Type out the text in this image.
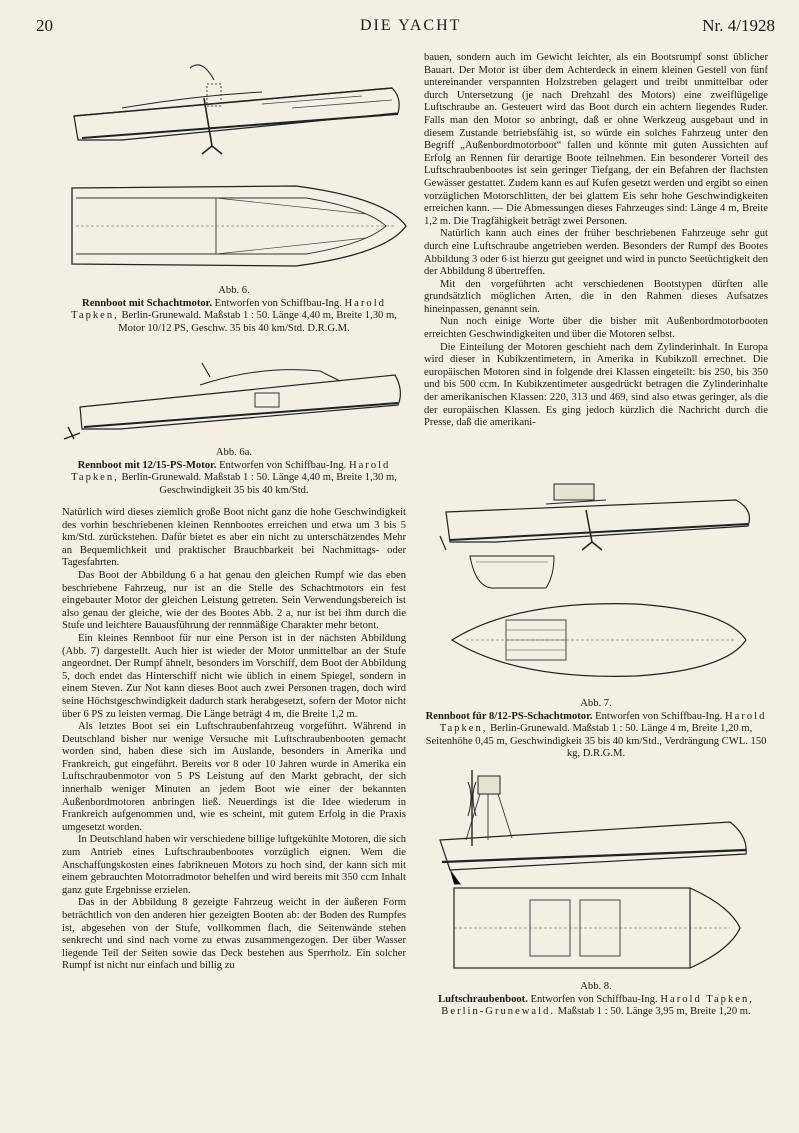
20	DIE YACHT	Nr. 4/1928
Abb. 6.
Rennboot mit Schachtmotor. Entworfen von Schiffbau-Ing. Harold Tapken, Berlin-Grunewald. Maßstab 1 : 50. Länge 4,40 m, Breite 1,30 m, Motor 10/12 PS, Geschw. 35 bis 40 km/Std. D.R.G.M.
Abb. 6a.
Rennboot mit 12/15-PS-Motor. Entworfen von Schiffbau-Ing. Harold Tapken, Berlin-Grunewald. Maßstab 1 : 50. Länge 4,40 m, Breite 1,30 m, Geschwindigkeit 35 bis 40 km/Std.

Natürlich wird dieses ziemlich große Boot nicht ganz die hohe Geschwindigkeit des vorhin beschriebenen kleinen Rennbootes erreichen und etwa um 3 bis 5 km/Std. zurückstehen. Dafür bietet es aber ein nicht zu unterschätzendes Mehr an Bequemlichkeit und praktischer Brauchbarkeit bei Nachmittags- oder Tagesfahrten.

Das Boot der Abbildung 6 a hat genau den gleichen Rumpf wie das eben beschriebene Fahrzeug, nur ist an die Stelle des Schachtmotors ein fest eingebauter Motor der gleichen Leistung getreten. Sein Verwendungsbereich ist also genau der gleiche, wie der des Bootes Abb. 2 a, nur ist bei ihm durch die Stufe und leichtere Bauausführung der rennmäßige Charakter mehr betont.

Ein kleines Rennboot für nur eine Person ist in der nächsten Abbildung (Abb. 7) dargestellt. Auch hier ist wieder der Motor unmittelbar an der Stufe angeordnet. Der Rumpf ähnelt, besonders im Vorschiff, dem Boot der Abbildung 5, doch endet das Hinterschiff nicht wie üblich in einem Spiegel, sondern in einem Steven. Zur Not kann dieses Boot auch zwei Personen tragen, doch wird seine Höchstgeschwindigkeit dadurch stark herabgesetzt, sofern der Motor nicht über 6 PS zu leisten vermag. Die Länge beträgt 4 m, die Breite 1,2 m.

Als letztes Boot sei ein Luftschraubenfahrzeug vorgeführt. Während in Deutschland bisher nur wenige Versuche mit Luftschraubenbooten gemacht worden sind, haben diese sich im Auslande, besonders in Amerika und Frankreich, gut eingeführt. Bereits vor 8 oder 10 Jahren wurde in Amerika ein Luftschraubenmotor von 5 PS Leistung auf den Markt gebracht, der sich innerhalb weniger Minuten an jedem Boot wie einer der bekannten Außenbordmotoren anbringen ließ. Neuerdings ist die Idee wiederum in Frankreich aufgenommen und, wie es scheint, mit gutem Erfolg in die Praxis umgesetzt worden.

In Deutschland haben wir verschiedene billige luftgekühlte Motoren, die sich zum Antrieb eines Luftschraubenbootes vorzüglich eignen. Wem die Anschaffungskosten eines fabrikneuen Motors zu hoch sind, der kann sich mit einem gebrauchten Motorradmotor behelfen und wird bereits mit 350 ccm Inhalt ganz gute Ergebnisse erzielen.

Das in der Abbildung 8 gezeigte Fahrzeug weicht in der äußeren Form beträchtlich von den anderen hier gezeigten Booten ab: der Boden des Rumpfes ist, abgesehen von der Stufe, vollkommen flach, die Seitenwände stehen senkrecht und sind nach vorne zu etwas zusammengezogen. Der über Wasser liegende Teil der Seiten sowie das Deck bestehen aus Sperrholz. Ein solcher Rumpf ist nicht nur einfach und billig zu

bauen, sondern auch im Gewicht leichter, als ein Bootsrumpf sonst üblicher Bauart. Der Motor ist über dem Achterdeck in einem kleinen Gestell von fünf untereinander verspannten Holzstreben gelagert und treibt unmittelbar oder durch Untersetzung (je nach Drehzahl des Motors) eine zweiflügelige Luftschraube an. Gesteuert wird das Boot durch ein achtern liegendes Ruder. Falls man den Motor so anbringt, daß er ohne Werkzeug ausgebaut und in diesem Zustande betriebsfähig ist, so würde ein solches Fahrzeug unter den Begriff „Außenbordmotorboot“ fallen und könnte mit guten Aussichten auf Erfolg an Rennen für derartige Boote teilnehmen. Ein besonderer Vorteil des Luftschraubenbootes ist sein geringer Tiefgang, der ein Befahren der flachsten Gewässer gestattet. Zudem kann es auf Kufen gesetzt werden und ergibt so einen vorzüglichen Motorschlitten, der bei glattem Eis sehr hohe Geschwindigkeiten erreichen kann. — Die Abmessungen dieses Fahrzeuges sind: Länge 4 m, Breite 1,2 m. Die Tragfähigkeit beträgt zwei Personen.

Natürlich kann auch eines der früher beschriebenen Fahrzeuge sehr gut durch eine Luftschraube angetrieben werden. Besonders der Rumpf des Bootes Abbildung 3 oder 6 ist hierzu gut geeignet und wird in puncto Seetüchtigkeit den der Abbildung 8 übertreffen.

Mit den vorgeführten acht verschiedenen Bootstypen dürften alle grundsätzlich möglichen Arten, die in den Rahmen dieses Aufsatzes hineinpassen, genannt sein.

Nun noch einige Worte über die bisher mit Außenbordmotorbooten erreichten Geschwindigkeiten und über die Motoren selbst.

Die Einteilung der Motoren geschieht nach dem Zylinderinhalt. In Europa wird dieser in Kubikzentimetern, in Amerika in Kubikzoll errechnet. Die europäischen Motoren sind in folgende drei Klassen eingeteilt: bis 250, bis 350 und bis 500 ccm. In Kubikzentimeter ausgedrückt betragen die Zylinderinhalte der amerikanischen Klassen: 220, 313 und 469, sind also etwas geringer, als die der europäischen Klassen. Es ging jedoch kürzlich die Nachricht durch die Presse, daß die amerikani-

Abb. 7.
Rennboot für 8/12-PS-Schachtmotor. Entworfen von Schiffbau-Ing. Harold Tapken, Berlin-Grunewald. Maßstab 1 : 50. Länge 4 m, Breite 1,20 m, Seitenhöhe 0,45 m, Geschwindigkeit 35 bis 40 km/Std., Verdrängung CWL. 150 kg, D.R.G.M.
Abb. 8.
Luftschraubenboot. Entworfen von Schiffbau-Ing. Harold Tapken, Berlin-Grunewald. Maßstab 1 : 50. Länge 3,95 m, Breite 1,20 m.
